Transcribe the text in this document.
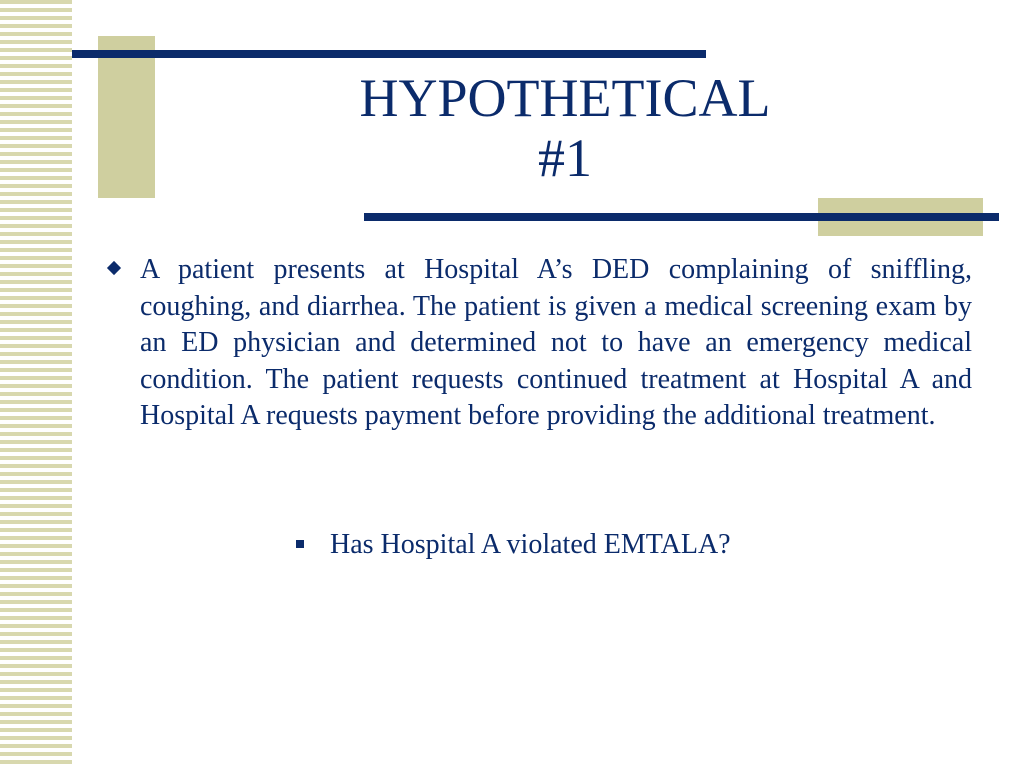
HYPOTHETICAL
#1

A patient presents at Hospital A’s DED complaining of sniffling, coughing, and diarrhea. The patient is given a medical screening exam by an ED physician and determined not to have an emergency medical condition. The patient requests continued treatment at Hospital A and Hospital A requests payment before providing the additional treatment.

Has Hospital A violated EMTALA?
